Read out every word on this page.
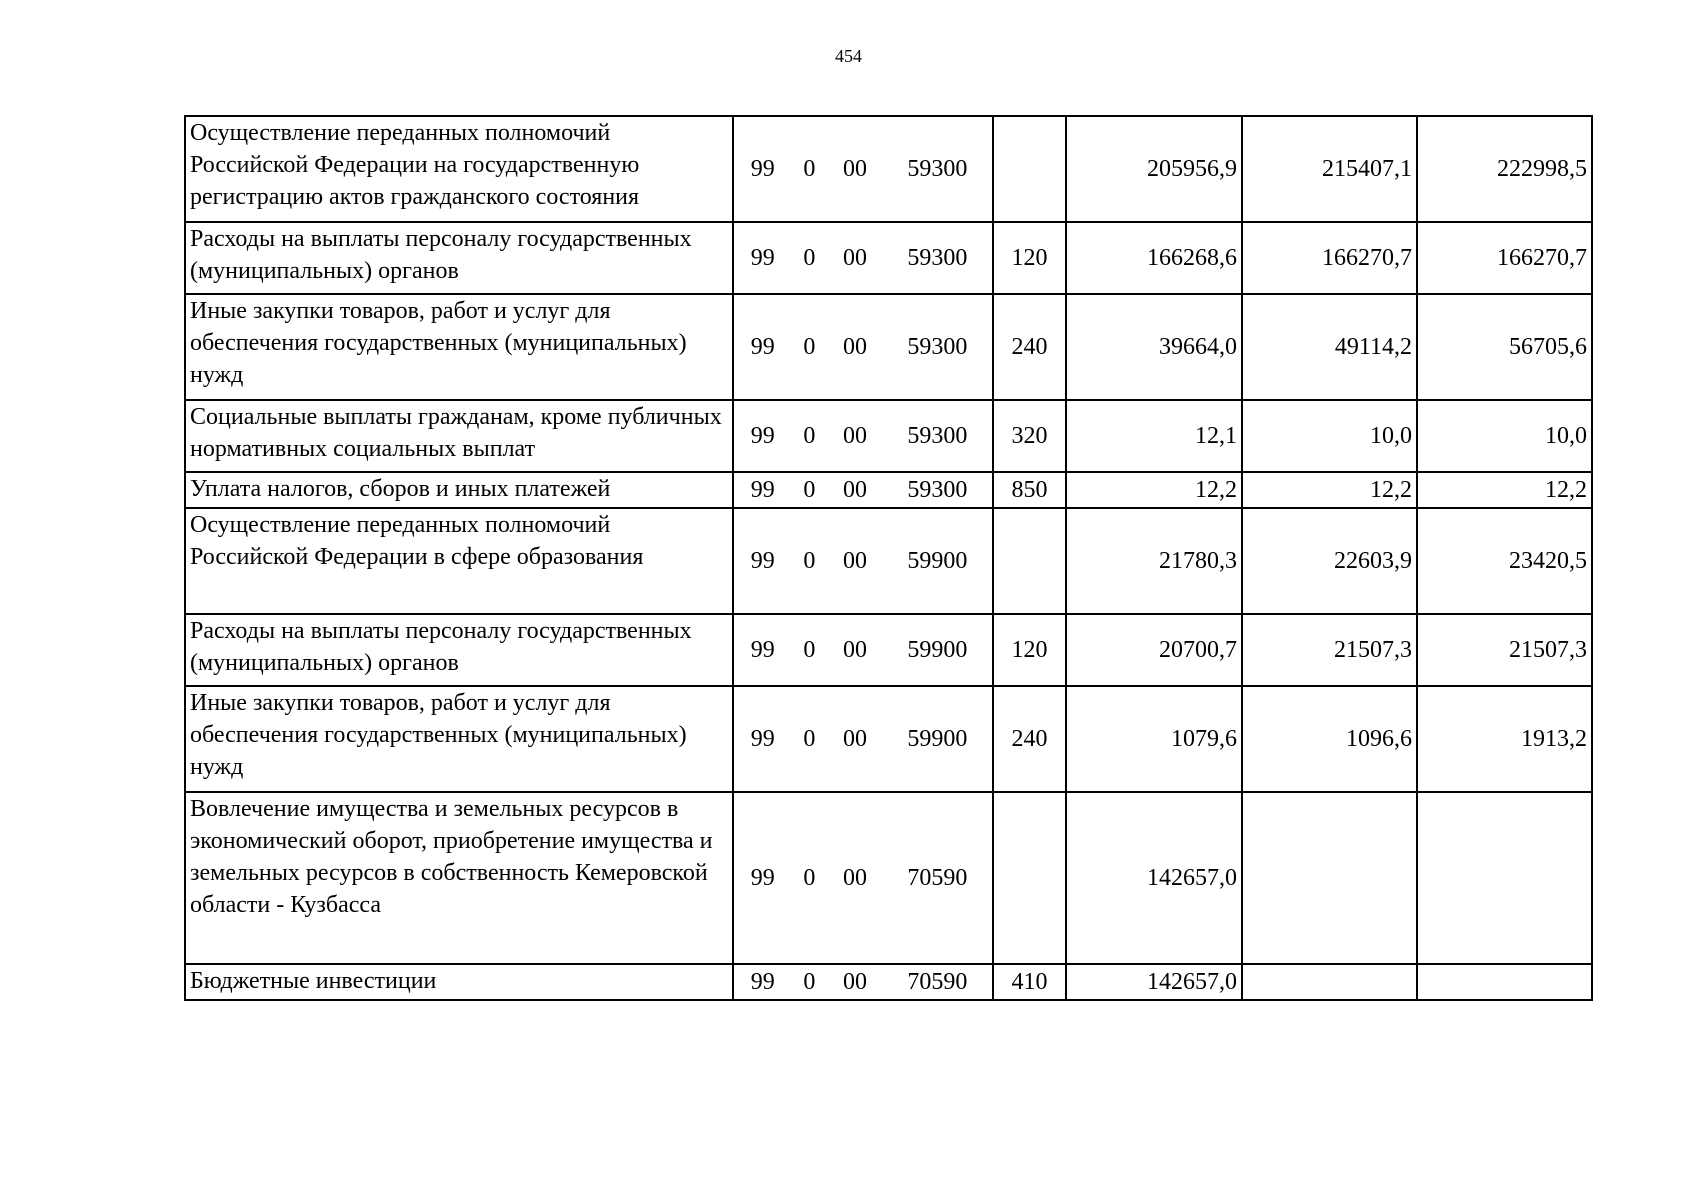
454
Осуществление переданных полномочий Российской Федерации на государственную регистрацию актов гражданского состояния	99 0 00 59300		205956,9	215407,1	222998,5
Расходы на выплаты персоналу государственных (муниципальных) органов	99 0 00 59300	120	166268,6	166270,7	166270,7
Иные закупки товаров, работ и услуг для обеспечения государственных (муниципальных) нужд	99 0 00 59300	240	39664,0	49114,2	56705,6
Социальные выплаты гражданам, кроме публичных нормативных социальных выплат	99 0 00 59300	320	12,1	10,0	10,0
Уплата налогов, сборов и иных платежей	99 0 00 59300	850	12,2	12,2	12,2
Осуществление переданных полномочий Российской Федерации в сфере образования	99 0 00 59900		21780,3	22603,9	23420,5
Расходы на выплаты персоналу государственных (муниципальных) органов	99 0 00 59900	120	20700,7	21507,3	21507,3
Иные закупки товаров, работ и услуг для обеспечения государственных (муниципальных) нужд	99 0 00 59900	240	1079,6	1096,6	1913,2
Вовлечение имущества и земельных ресурсов в экономический оборот, приобретение имущества и земельных ресурсов в собственность Кемеровской области - Кузбасса	99 0 00 70590		142657,0		
Бюджетные инвестиции	99 0 00 70590	410	142657,0		
